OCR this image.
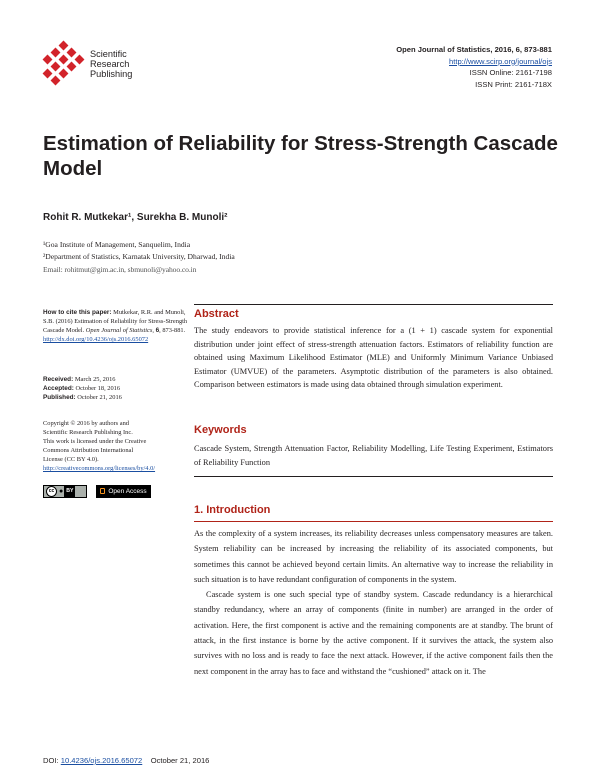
Scientific
Research
Publishing
Open Journal of Statistics, 2016, 6, 873-881
http://www.scirp.org/journal/ojs
ISSN Online: 2161-7198
ISSN Print: 2161-718X
Estimation of Reliability for Stress-Strength Cascade Model
Rohit R. Mutkekar¹, Surekha B. Munoli²
¹Goa Institute of Management, Sanquelim, India
²Department of Statistics, Karnatak University, Dharwad, India
Email: rohitmut@gim.ac.in, sbmunoli@yahoo.co.in
How to cite this paper: Mutkekar, R.R. and Munoli, S.B. (2016) Estimation of Reliability for Stress-Strength Cascade Model. Open Journal of Statistics, 6, 873-881.
http://dx.doi.org/10.4236/ojs.2016.65072
Received: March 25, 2016
Accepted: October 18, 2016
Published: October 21, 2016
Copyright © 2016 by authors and
Scientific Research Publishing Inc.
This work is licensed under the Creative
Commons Attribution International
License (CC BY 4.0).
http://creativecommons.org/licenses/by/4.0/
cc ● BY	Open Access
Abstract
The study endeavors to provide statistical inference for a (1 + 1) cascade system for exponential distribution under joint effect of stress-strength attenuation factors. Estimators of reliability function are obtained using Maximum Likelihood Estimator (MLE) and Uniformly Minimum Variance Unbiased Estimator (UMVUE) of the parameters. Asymptotic distribution of the parameters is also obtained. Comparison between estimators is made using data obtained through simulation experiment.
Keywords
Cascade System, Strength Attenuation Factor, Reliability Modelling, Life Testing Experiment, Estimators of Reliability Function
1. Introduction

As the complexity of a system increases, its reliability decreases unless compensatory measures are taken. System reliability can be increased by increasing the reliability of its associated components, but sometimes this cannot be achieved beyond certain limits. An alternative way to increase the reliability in such situation is to have redundant configuration of components in the system.

Cascade system is one such special type of standby system. Cascade redundancy is a hierarchical standby redundancy, where an array of components (finite in number) are arranged in the order of activation. Here, the first component is active and the remaining components are at standby. The brunt of attack, in the first instance is borne by the active component. If it survives the attack, the system also survives with no loss and is ready to face the next attack. However, if the active component fails then the next component in the array has to face and withstand the “cushioned” attack on it. The

DOI: 10.4236/ojs.2016.65072 October 21, 2016
